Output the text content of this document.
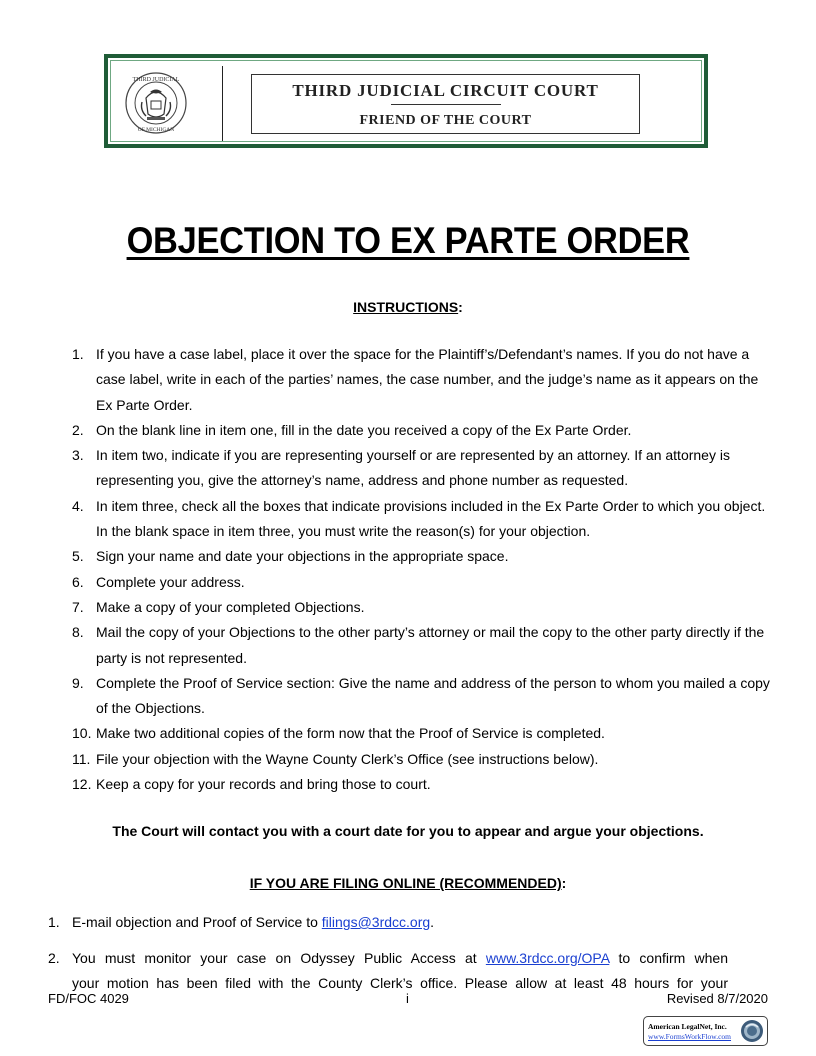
THIRD JUDICIAL
OF MICHIGAN
THIRD JUDICIAL CIRCUIT COURT
FRIEND OF THE COURT
OBJECTION TO EX PARTE ORDER
INSTRUCTIONS:
1. If you have a case label, place it over the space for the Plaintiff’s/Defendant’s names. If you do not have a case label, write in each of the parties’ names, the case number, and the judge’s name as it appears on the Ex Parte Order.
2. On the blank line in item one, fill in the date you received a copy of the Ex Parte Order.
3. In item two, indicate if you are representing yourself or are represented by an attorney. If an attorney is representing you, give the attorney’s name, address and phone number as requested.
4. In item three, check all the boxes that indicate provisions included in the Ex Parte Order to which you object. In the blank space in item three, you must write the reason(s) for your objection.
5. Sign your name and date your objections in the appropriate space.
6. Complete your address.
7. Make a copy of your completed Objections.
8. Mail the copy of your Objections to the other party’s attorney or mail the copy to the other party directly if the party is not represented.
9. Complete the Proof of Service section: Give the name and address of the person to whom you mailed a copy of the Objections.
10. Make two additional copies of the form now that the Proof of Service is completed.
11. File your objection with the Wayne County Clerk’s Office (see instructions below).
12. Keep a copy for your records and bring those to court.
The Court will contact you with a court date for you to appear and argue your objections.
IF YOU ARE FILING ONLINE (RECOMMENDED):
1. E-mail objection and Proof of Service to filings@3rdcc.org.
2. You must monitor your case on Odyssey Public Access at www.3rdcc.org/OPA to confirm when
your motion has been filed with the County Clerk’s office. Please allow at least 48 hours for your
FD/FOC 4029	i	Revised 8/7/2020
American LegalNet, Inc.
www.FormsWorkFlow.com
